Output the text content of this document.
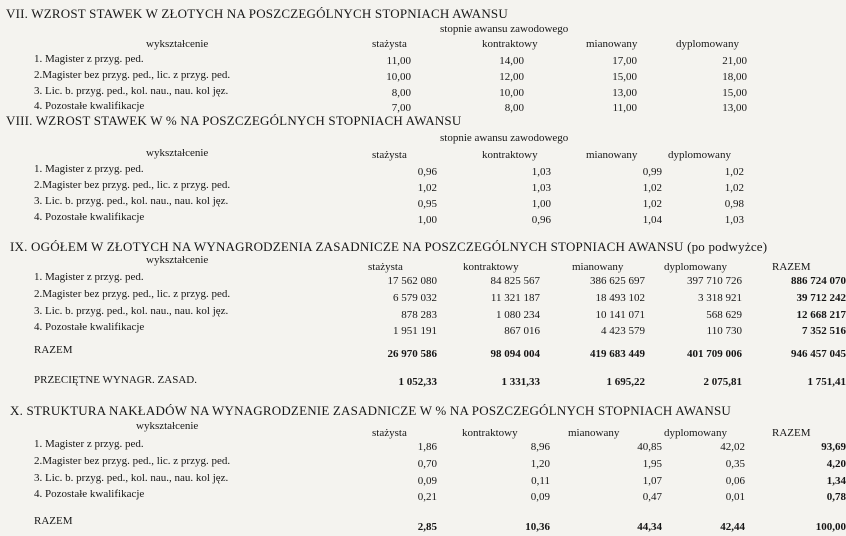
VII. WZROST STAWEK W ZŁOTYCH NA POSZCZEGÓLNYCH STOPNIACH AWANSU
stopnie awansu zawodowego
wykształcenie	stażysta	kontraktowy	mianowany	dyplomowany
1. Magister z przyg. ped.	11,00	14,00	17,00	21,00
2.Magister bez przyg. ped., lic. z przyg. ped.	10,00	12,00	15,00	18,00
3. Lic. b. przyg. ped., kol. nau., nau. kol jęz.	8,00	10,00	13,00	15,00
4. Pozostałe kwalifikacje	7,00	8,00	11,00	13,00
VIII. WZROST STAWEK W % NA POSZCZEGÓLNYCH STOPNIACH AWANSU
stopnie awansu zawodowego
wykształcenie	stażysta	kontraktowy	mianowany	dyplomowany
1. Magister z przyg. ped.	0,96	1,03	0,99	1,02
2.Magister bez przyg. ped., lic. z przyg. ped.	1,02	1,03	1,02	1,02
3. Lic. b. przyg. ped., kol. nau., nau. kol jęz.	0,95	1,00	1,02	0,98
4. Pozostałe kwalifikacje	1,00	0,96	1,04	1,03
IX. OGÓŁEM W ZŁOTYCH NA WYNAGRODZENIA ZASADNICZE NA POSZCZEGÓLNYCH STOPNIACH AWANSU (po podwyżce)
wykształcenie
stażysta	kontraktowy	mianowany	dyplomowany	RAZEM
1. Magister z przyg. ped.	17 562 080	84 825 567	386 625 697	397 710 726	886 724 070
2.Magister bez przyg. ped., lic. z przyg. ped.	6 579 032	11 321 187	18 493 102	3 318 921	39 712 242
3. Lic. b. przyg. ped., kol. nau., nau. kol jęz.	878 283	1 080 234	10 141 071	568 629	12 668 217
4. Pozostałe kwalifikacje	1 951 191	867 016	4 423 579	110 730	7 352 516
RAZEM	26 970 586	98 094 004	419 683 449	401 709 006	946 457 045
PRZECIĘTNE WYNAGR. ZASAD.	1 052,33	1 331,33	1 695,22	2 075,81	1 751,41
X. STRUKTURA NAKŁADÓW NA WYNAGRODZENIE ZASADNICZE W % NA POSZCZEGÓLNYCH STOPNIACH AWANSU
wykształcenie
stażysta	kontraktowy	mianowany	dyplomowany	RAZEM
1. Magister z przyg. ped.	1,86	8,96	40,85	42,02	93,69
2.Magister bez przyg. ped., lic. z przyg. ped.	0,70	1,20	1,95	0,35	4,20
3. Lic. b. przyg. ped., kol. nau., nau. kol jęz.	0,09	0,11	1,07	0,06	1,34
4. Pozostałe kwalifikacje	0,21	0,09	0,47	0,01	0,78
RAZEM	2,85	10,36	44,34	42,44	100,00
